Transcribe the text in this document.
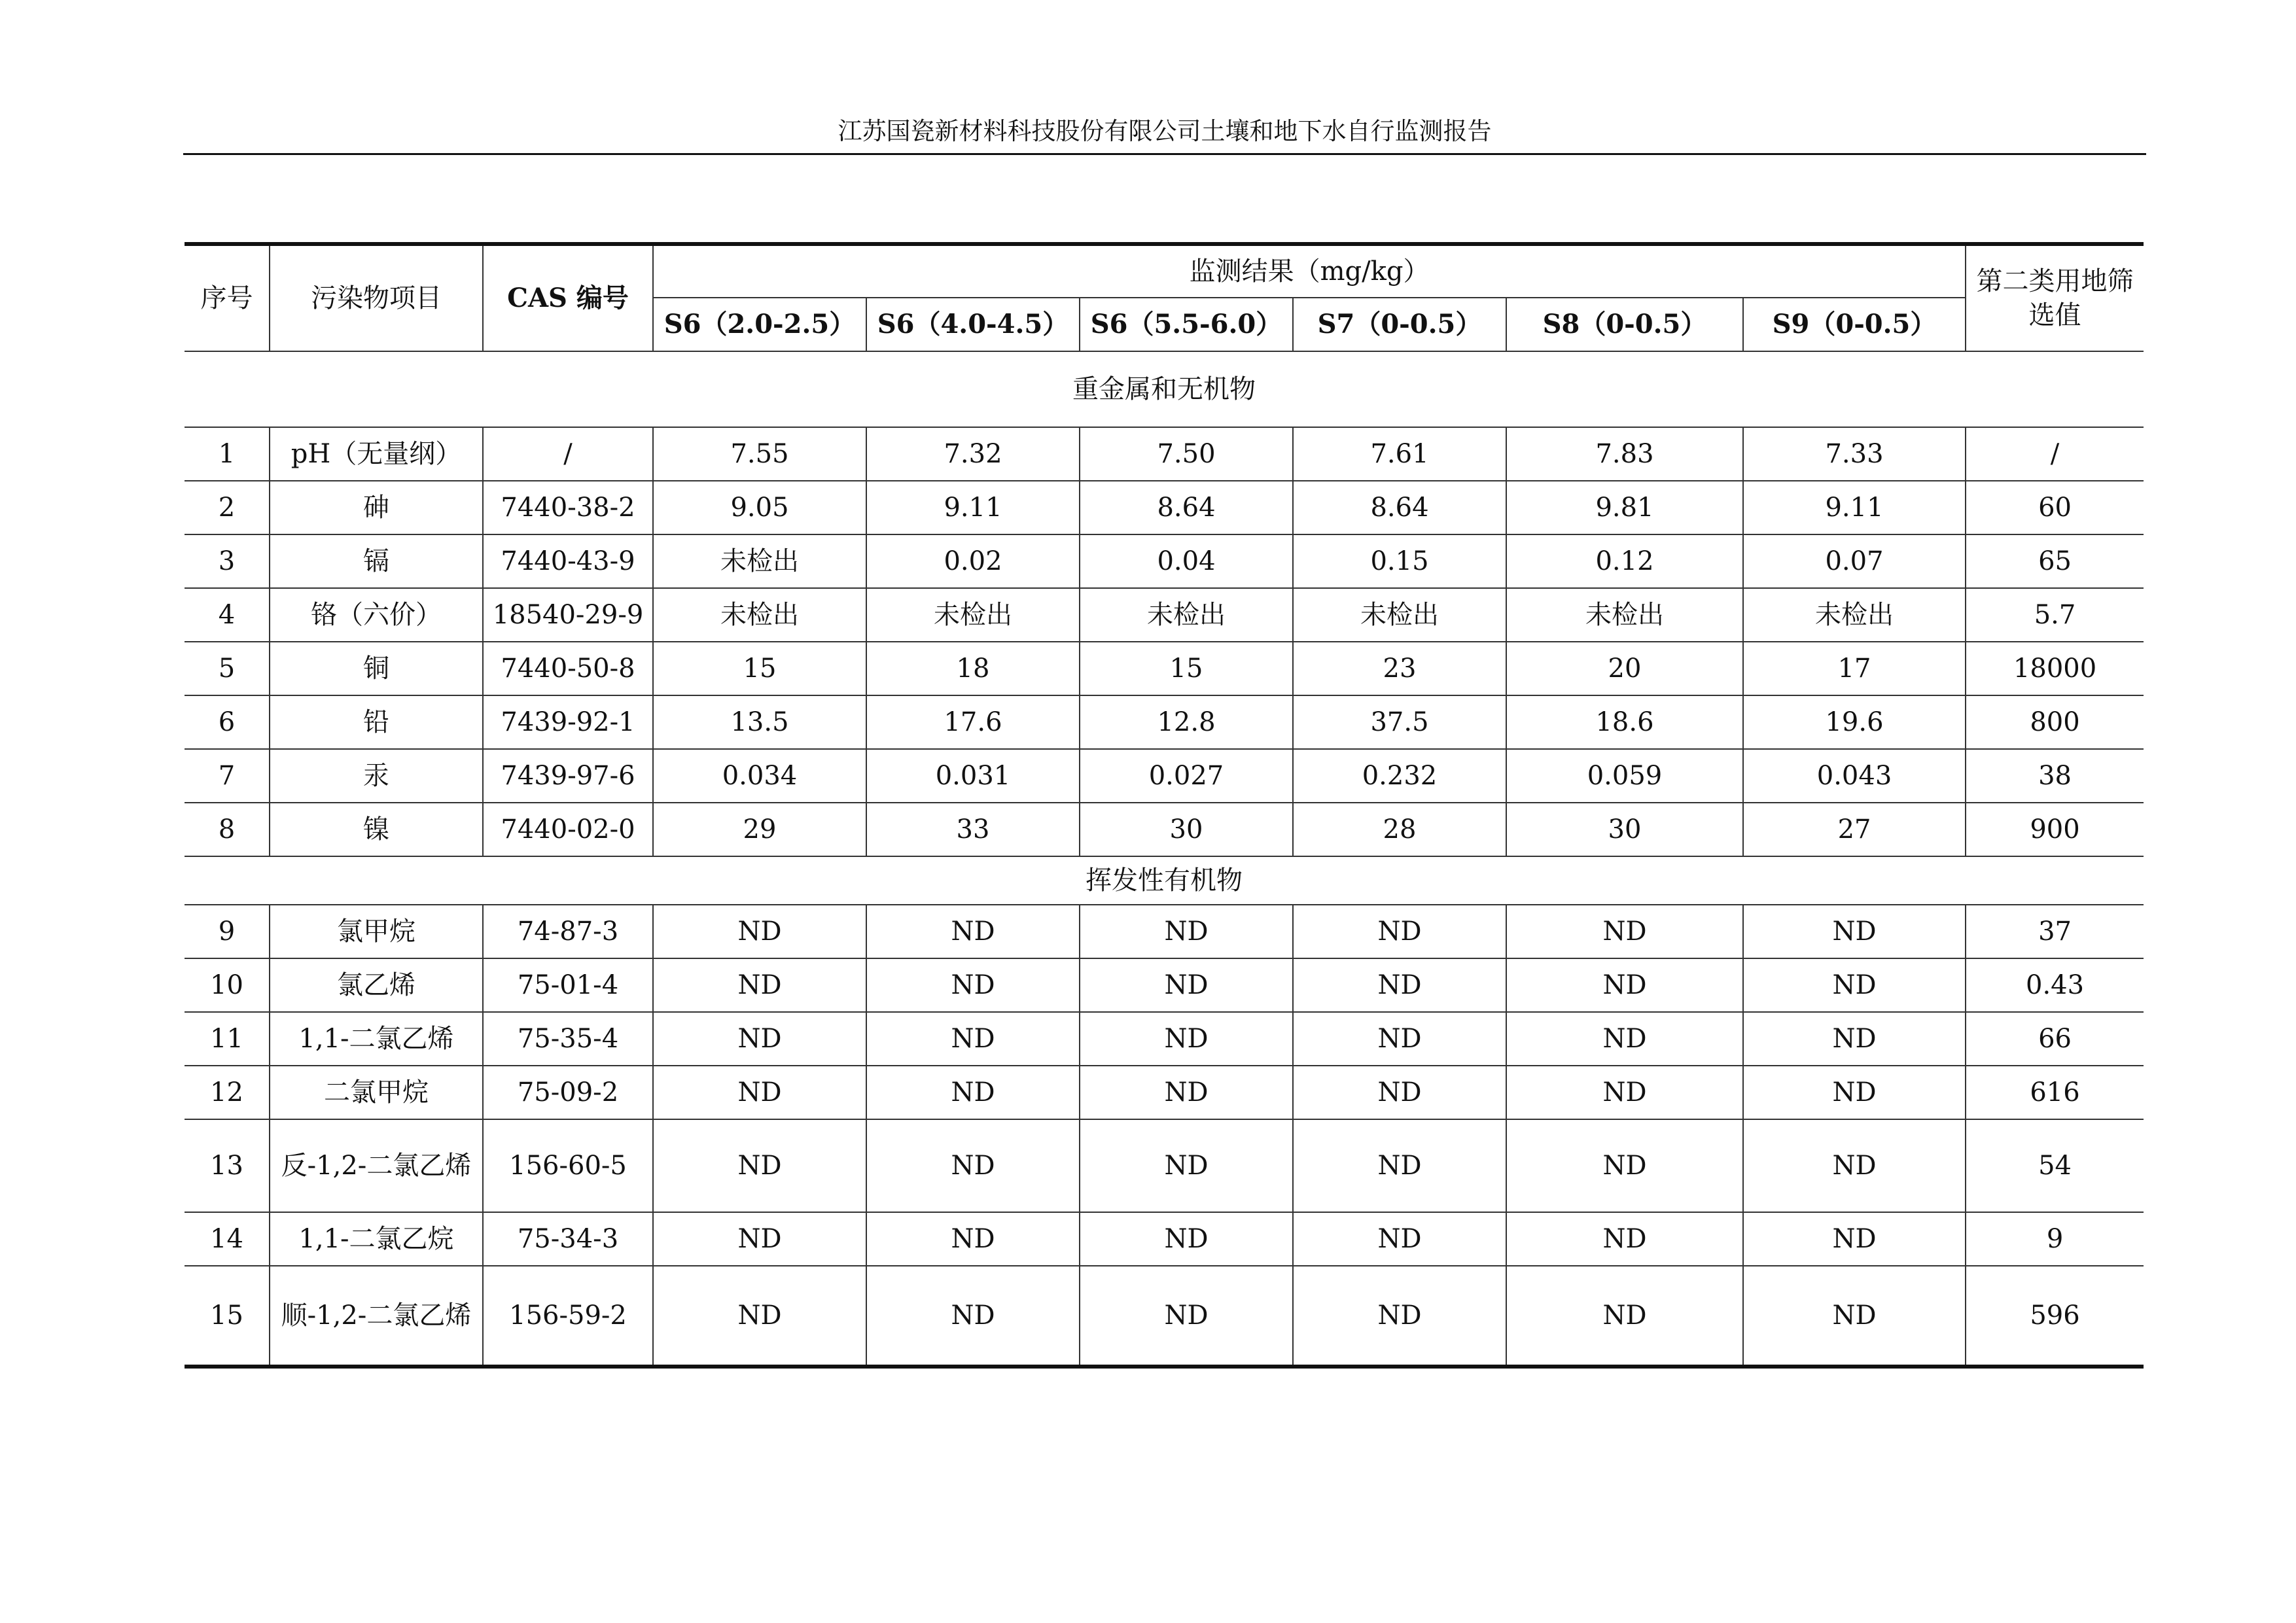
江苏国瓷新材料科技股份有限公司土壤和地下水自行监测报告
序号	污染物项目	CAS 编号	监测结果（mg/kg）						第二类用地筛选值
			S6（2.0-2.5）	S6（4.0-4.5）	S6（5.5-6.0）	S7（0-0.5）	S8（0-0.5）	S9（0-0.5）	
重金属和无机物									
1	pH（无量纲）	/	7.55	7.32	7.50	7.61	7.83	7.33	/
2	砷	7440-38-2	9.05	9.11	8.64	8.64	9.81	9.11	60
3	镉	7440-43-9	未检出	0.02	0.04	0.15	0.12	0.07	65
4	铬（六价）	18540-29-9	未检出	未检出	未检出	未检出	未检出	未检出	5.7
5	铜	7440-50-8	15	18	15	23	20	17	18000
6	铅	7439-92-1	13.5	17.6	12.8	37.5	18.6	19.6	800
7	汞	7439-97-6	0.034	0.031	0.027	0.232	0.059	0.043	38
8	镍	7440-02-0	29	33	30	28	30	27	900
挥发性有机物									
9	氯甲烷	74-87-3	ND	ND	ND	ND	ND	ND	37
10	氯乙烯	75-01-4	ND	ND	ND	ND	ND	ND	0.43
11	1,1-二氯乙烯	75-35-4	ND	ND	ND	ND	ND	ND	66
12	二氯甲烷	75-09-2	ND	ND	ND	ND	ND	ND	616
13	反-1,2-二氯乙烯	156-60-5	ND	ND	ND	ND	ND	ND	54
14	1,1-二氯乙烷	75-34-3	ND	ND	ND	ND	ND	ND	9
15	顺-1,2-二氯乙烯	156-59-2	ND	ND	ND	ND	ND	ND	596
